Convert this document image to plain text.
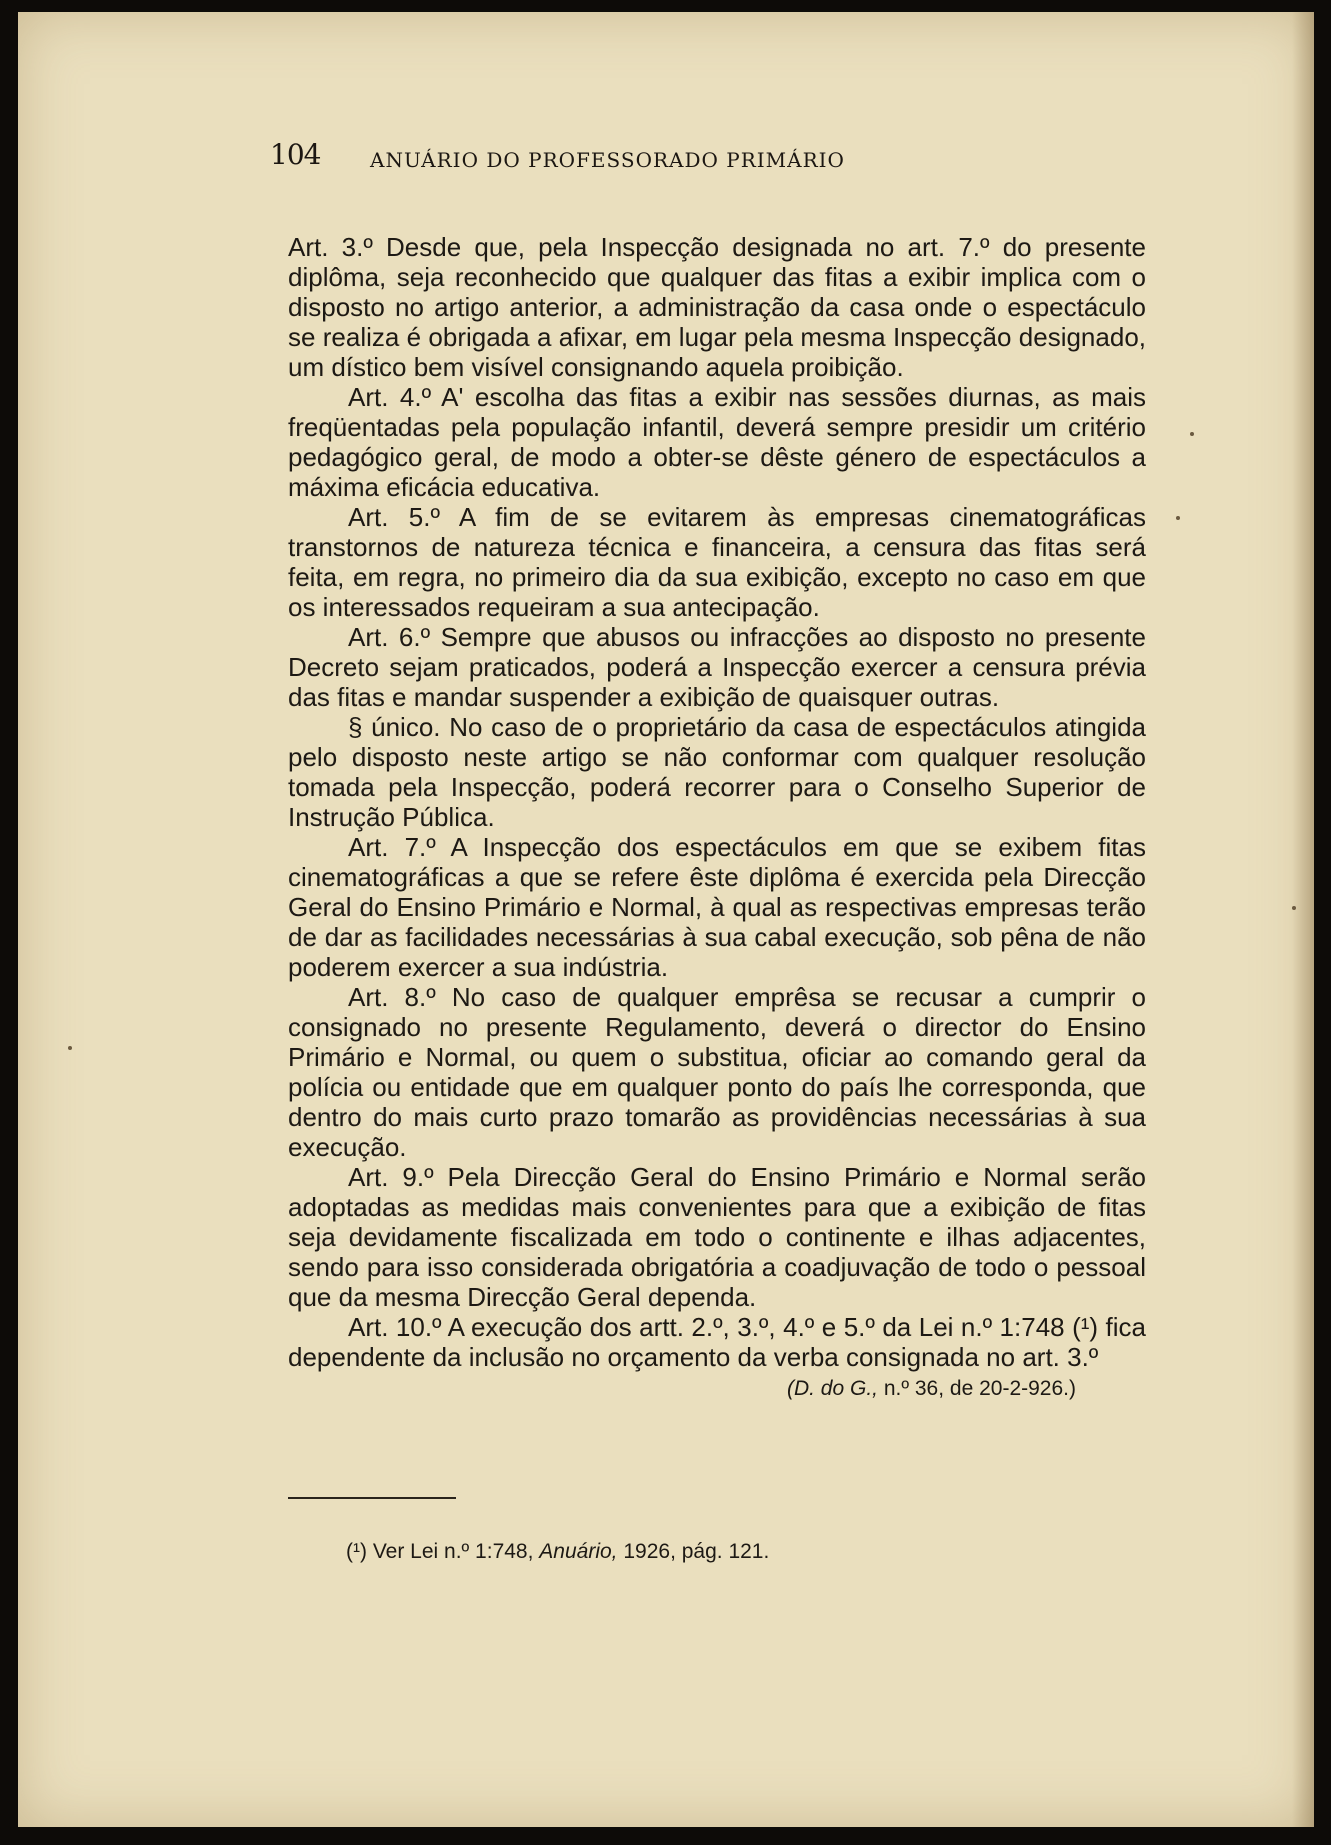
104 ANUÁRIO DO PROFESSORADO PRIMÁRIO

Art. 3.º Desde que, pela Inspecção designada no art. 7.º do presente diplôma, seja reconhecido que qualquer das fitas a exibir implica com o disposto no artigo anterior, a administração da casa onde o espectáculo se realiza é obrigada a afixar, em lugar pela mesma Inspecção designado, um dístico bem visível consignando aquela proibição.

Art. 4.º A' escolha das fitas a exibir nas sessões diurnas, as mais freqüentadas pela população infantil, deverá sempre presidir um critério pedagógico geral, de modo a obter-se dêste género de espectáculos a máxima eficácia educativa.

Art. 5.º A fim de se evitarem às empresas cinematográficas transtornos de natureza técnica e financeira, a censura das fitas será feita, em regra, no primeiro dia da sua exibição, excepto no caso em que os interessados requeiram a sua antecipação.

Art. 6.º Sempre que abusos ou infracções ao disposto no presente Decreto sejam praticados, poderá a Inspecção exercer a censura prévia das fitas e mandar suspender a exibição de quaisquer outras.

§ único. No caso de o proprietário da casa de espectáculos atingida pelo disposto neste artigo se não conformar com qualquer resolução tomada pela Inspecção, poderá recorrer para o Conselho Superior de Instrução Pública.

Art. 7.º A Inspecção dos espectáculos em que se exibem fitas cinematográficas a que se refere êste diplôma é exercida pela Direcção Geral do Ensino Primário e Normal, à qual as respectivas empresas terão de dar as facilidades necessárias à sua cabal execução, sob pêna de não poderem exercer a sua indústria.

Art. 8.º No caso de qualquer emprêsa se recusar a cumprir o consignado no presente Regulamento, deverá o director do Ensino Primário e Normal, ou quem o substitua, oficiar ao comando geral da polícia ou entidade que em qualquer ponto do país lhe corresponda, que dentro do mais curto prazo tomarão as providências necessárias à sua execução.

Art. 9.º Pela Direcção Geral do Ensino Primário e Normal serão adoptadas as medidas mais convenientes para que a exibição de fitas seja devidamente fiscalizada em todo o continente e ilhas adjacentes, sendo para isso considerada obrigatória a coadjuvação de todo o pessoal que da mesma Direcção Geral dependa.

Art. 10.º A execução dos artt. 2.º, 3.º, 4.º e 5.º da Lei n.º 1:748 (¹) fica dependente da inclusão no orçamento da verba consignada no art. 3.º

(D. do G., n.º 36, de 20-2-926.)
(¹) Ver Lei n.º 1:748, Anuário, 1926, pág. 121.
